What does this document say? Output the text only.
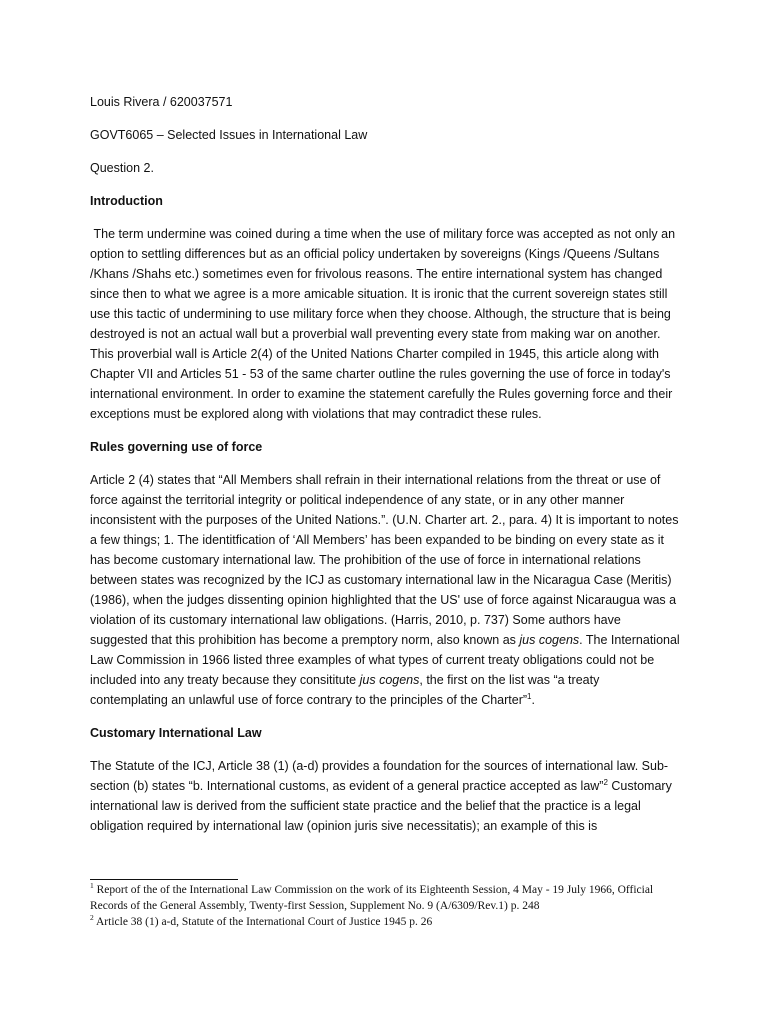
Louis Rivera / 620037571

GOVT6065 – Selected Issues in International Law

Question 2.

Introduction

The term undermine was coined during a time when the use of military force was accepted as not only an option to settling differences but as an official policy undertaken by sovereigns (Kings /Queens /Sultans /Khans /Shahs etc.) sometimes even for frivolous reasons. The entire international system has changed since then to what we agree is a more amicable situation. It is ironic that the current sovereign states still use this tactic of undermining to use military force when they choose. Although, the structure that is being destroyed is not an actual wall but a proverbial wall preventing every state from making war on another. This proverbial wall is Article 2(4) of the United Nations Charter compiled in 1945, this article along with Chapter VII and Articles 51 - 53 of the same charter outline the rules governing the use of force in today's international environment. In order to examine the statement carefully the Rules governing force and their exceptions must be explored along with violations that may contradict these rules.

Rules governing use of force

Article 2 (4) states that “All Members shall refrain in their international relations from the threat or use of force against the territorial integrity or political independence of any state, or in any other manner inconsistent with the purposes of the United Nations.”. (U.N. Charter art. 2., para. 4) It is important to notes a few things; 1. The identitfication of ‘All Members’ has been expanded to be binding on every state as it has become customary international law. The prohibition of the use of force in international relations between states was recognized by the ICJ as customary international law in the Nicaragua Case (Meritis)(1986), when the judges dissenting opinion highlighted that the US' use of force against Nicaraugua was a violation of its customary international law obligations. (Harris, 2010, p. 737) Some authors have suggested that this prohibition has become a premptory norm, also known as jus cogens. The International Law Commission in 1966 listed three examples of what types of current treaty obligations could not be included into any treaty because they consititute jus cogens, the first on the list was “a treaty contemplating an unlawful use of force contrary to the principles of the Charter”$^1$.

Customary International Law

The Statute of the ICJ, Article 38 (1) (a-d) provides a foundation for the sources of international law. Sub-section (b) states “b. International customs, as evident of a general practice accepted as law”$^2$ Customary international law is derived from the sufficient state practice and the belief that the practice is a legal obligation required by international law (opinion juris sive necessitatis); an example of this is

$^1$ Report of the of the International Law Commission on the work of its Eighteenth Session, 4 May - 19 July 1966, Official Records of the General Assembly, Twenty-first Session, Supplement No. 9 (A/6309/Rev.1) p. 248

$^2$ Article 38 (1) a-d, Statute of the International Court of Justice 1945 p. 26
